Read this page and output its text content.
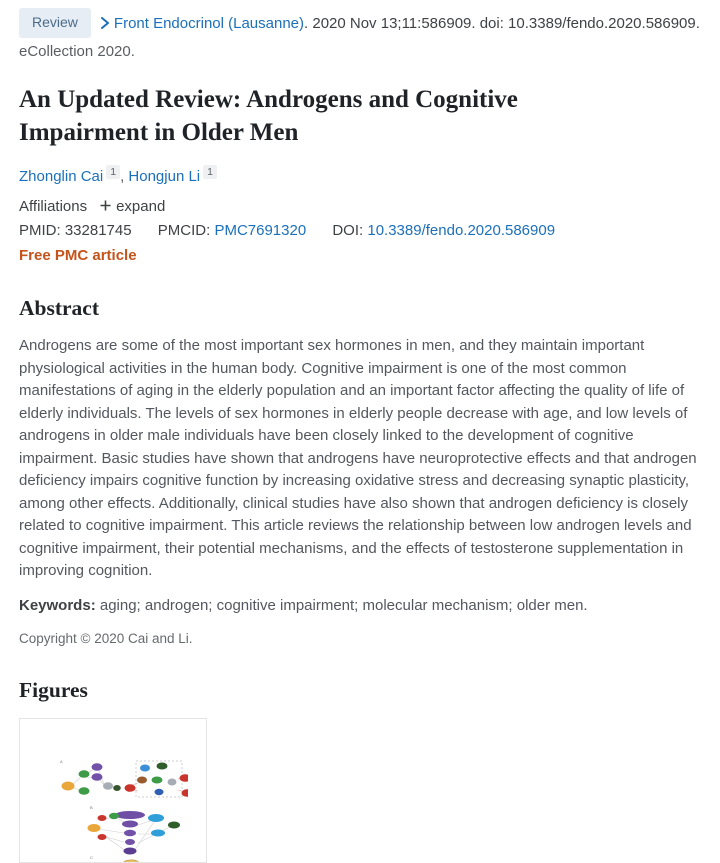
Review Front Endocrinol (Lausanne). 2020 Nov 13;11:586909. doi: 10.3389/fendo.2020.586909. eCollection 2020.
An Updated Review: Androgens and Cognitive Impairment in Older Men
Zhonglin Cai 1 , Hongjun Li 1
Affiliations expand
PMID: 33281745 PMCID: PMC7691320 DOI: 10.3389/fendo.2020.586909
Free PMC article
Abstract

Androgens are some of the most important sex hormones in men, and they maintain important physiological activities in the human body. Cognitive impairment is one of the most common manifestations of aging in the elderly population and an important factor affecting the quality of life of elderly individuals. The levels of sex hormones in elderly people decrease with age, and low levels of androgens in older male individuals have been closely linked to the development of cognitive impairment. Basic studies have shown that androgens have neuroprotective effects and that androgen deficiency impairs cognitive function by increasing oxidative stress and decreasing synaptic plasticity, among other effects. Additionally, clinical studies have also shown that androgen deficiency is closely related to cognitive impairment. This article reviews the relationship between low androgen levels and cognitive impairment, their potential mechanisms, and the effects of testosterone supplementation in improving cognition.

Keywords: aging; androgen; cognitive impairment; molecular mechanism; older men.

Copyright © 2020 Cai and Li.

Figures
A
B
C
